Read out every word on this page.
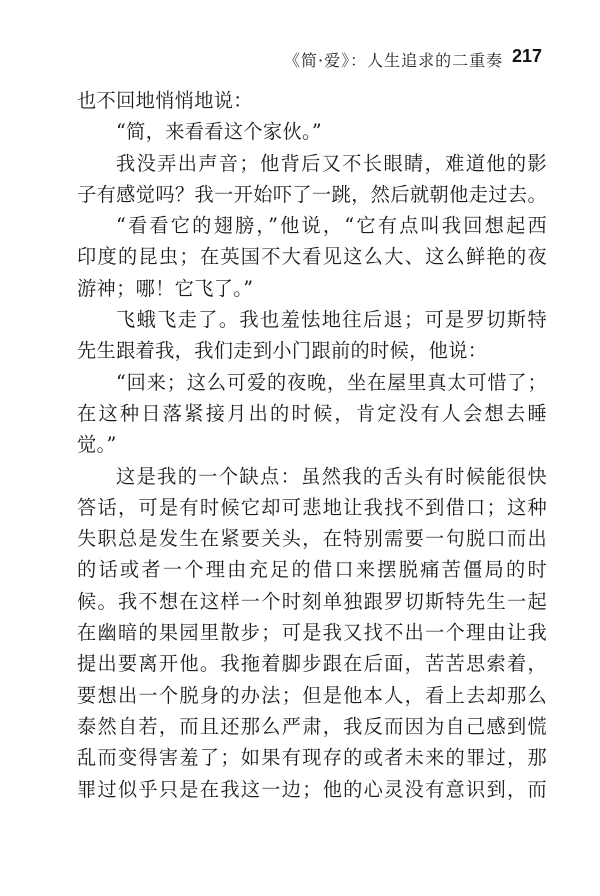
《简·爱》：人生追求的二重奏 217
也不回地悄悄地说：
“简，来看看这个家伙。”
我没弄出声音；他背后又不长眼睛，难道他的影
子有感觉吗？我一开始吓了一跳，然后就朝他走过去。
“看看它的翅膀，”他说，“它有点叫我回想起西
印度的昆虫；在英国不大看见这么大、这么鲜艳的夜
游神；哪！它飞了。”
飞蛾飞走了。我也羞怯地往后退；可是罗切斯特
先生跟着我，我们走到小门跟前的时候，他说：
“回来；这么可爱的夜晚，坐在屋里真太可惜了；
在这种日落紧接月出的时候，肯定没有人会想去睡
觉。”
这是我的一个缺点：虽然我的舌头有时候能很快
答话，可是有时候它却可悲地让我找不到借口；这种
失职总是发生在紧要关头，在特别需要一句脱口而出
的话或者一个理由充足的借口来摆脱痛苦僵局的时
候。我不想在这样一个时刻单独跟罗切斯特先生一起
在幽暗的果园里散步；可是我又找不出一个理由让我
提出要离开他。我拖着脚步跟在后面，苦苦思索着，
要想出一个脱身的办法；但是他本人，看上去却那么
泰然自若，而且还那么严肃，我反而因为自己感到慌
乱而变得害羞了；如果有现存的或者未来的罪过，那
罪过似乎只是在我这一边；他的心灵没有意识到，而
